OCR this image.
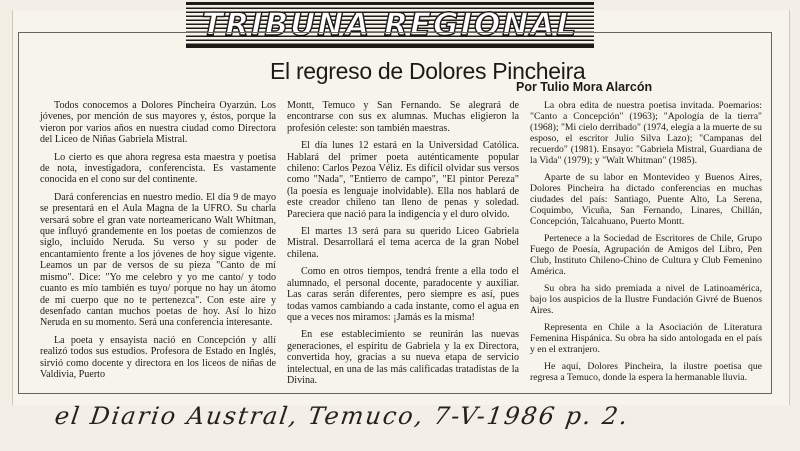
TRIBUNA REGIONAL
El regreso de Dolores Pincheira
Por Tulio Mora Alarcón

Todos conocemos a Dolores Pincheira Oyarzún. Los jóvenes, por mención de sus mayores y, éstos, porque la vieron por varios años en nuestra ciudad como Directora del Liceo de Niñas Gabriela Mistral.

Lo cierto es que ahora regresa esta maestra y poetisa de nota, investigadora, conferencista. Es vastamente conocida en el cono sur del continente.

Dará conferencias en nuestro medio. El día 9 de mayo se presentará en el Aula Magna de la UFRO. Su charla versará sobre el gran vate norteamericano Walt Whitman, que influyó grandemente en los poetas de comienzos de siglo, incluido Neruda. Su verso y su poder de encantamiento frente a los jóvenes de hoy sigue vigente. Leamos un par de versos de su pieza "Canto de mí mismo". Dice: "Yo me celebro y yo me canto/ y todo cuanto es mío también es tuyo/ porque no hay un átomo de mi cuerpo que no te pertenezca". Con este aire y desenfado cantan muchos poetas de hoy. Así lo hizo Neruda en su momento. Será una conferencia interesante.

La poeta y ensayista nació en Concepción y allí realizó todos sus estudios. Profesora de Estado en Inglés, sirvió como docente y directora en los liceos de niñas de Valdivia, Puerto

Montt, Temuco y San Fernando. Se alegrará de encontrarse con sus ex alumnas. Muchas eligieron la profesión celeste: son también maestras.

El día lunes 12 estará en la Universidad Católica. Hablará del primer poeta auténticamente popular chileno: Carlos Pezoa Véliz. Es difícil olvidar sus versos como "Nada", "Entierro de campo", "El pintor Pereza" (la poesía es lenguaje inolvidable). Ella nos hablará de este creador chileno tan lleno de penas y soledad. Pareciera que nació para la indigencia y el duro olvido.

El martes 13 será para su querido Liceo Gabriela Mistral. Desarrollará el tema acerca de la gran Nobel chilena.

Como en otros tiempos, tendrá frente a ella todo el alumnado, el personal docente, paradocente y auxiliar. Las caras serán diferentes, pero siempre es así, pues todas vamos cambiando a cada instante, como el agua en que a veces nos miramos: ¡Jamás es la misma!

En ese establecimiento se reunirán las nuevas generaciones, el espíritu de Gabriela y la ex Directora, convertida hoy, gracias a su nueva etapa de servicio intelectual, en una de las más calificadas tratadistas de la Divina.

La obra edita de nuestra poetisa invitada. Poemarios: "Canto a Concepción" (1963); "Apología de la tierra" (1968); "Mi cielo derribado" (1974, elegía a la muerte de su esposo, el escritor Julio Silva Lazo); "Campanas del recuerdo" (1981). Ensayo: "Gabriela Mistral, Guardiana de la Vida" (1979); y "Walt Whitman" (1985).

Aparte de su labor en Montevideo y Buenos Aires, Dolores Pincheira ha dictado conferencias en muchas ciudades del país: Santiago, Puente Alto, La Serena, Coquimbo, Vicuña, San Fernando, Linares, Chillán, Concepción, Talcahuano, Puerto Montt.

Pertenece a la Sociedad de Escritores de Chile, Grupo Fuego de Poesía, Agrupación de Amigos del Libro, Pen Club, Instituto Chileno-Chino de Cultura y Club Femenino América.

Su obra ha sido premiada a nivel de Latinoamérica, bajo los auspicios de la Ilustre Fundación Givré de Buenos Aires.

Representa en Chile a la Asociación de Literatura Femenina Hispánica. Su obra ha sido antologada en el país y en el extranjero.

He aquí, Dolores Pincheira, la ilustre poetisa que regresa a Temuco, donde la espera la hermanable lluvia.

el Diario Austral, Temuco, 7-V-1986 p. 2.
